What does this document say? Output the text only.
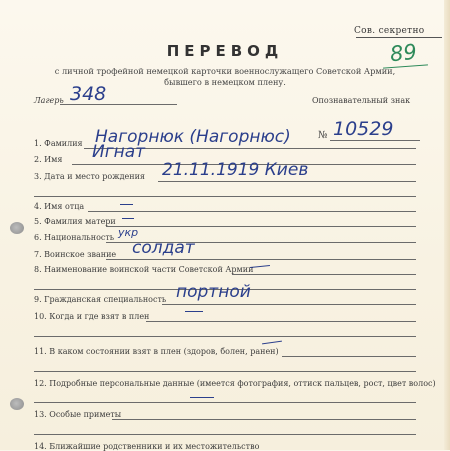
Сов. секретно
89
ПЕРЕВОД
с личной трофейной немецкой карточки военнослужащего Советской Армии,
бывшего в немецком плену.
Лагерь 348	Опознавательный знак
№ 10529
1. Фамилия Нагорнюк (Нагорнюс)
2. Имя Игнат
3. Дата и место рождения 21.11.1919 Киев
4. Имя отца
5. Фамилия матери
6. Национальность укр
7. Воинское звание солдат
8. Наименование воинской части Советской Армии
9. Гражданская специальность портной
10. Когда и где взят в плен
11. В каком состоянии взят в плен (здоров, болен, ранен)
12. Подробные персональные данные (имеется фотография, оттиск пальцев, рост, цвет волос)
13. Особые приметы
14. Ближайшие родственники и их местожительство
